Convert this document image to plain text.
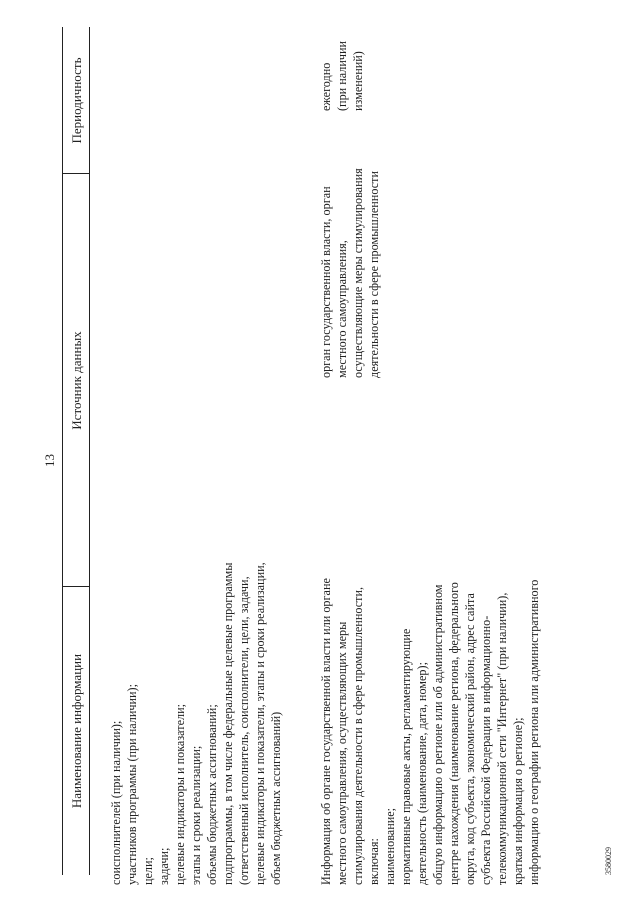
13
Наименование информации
Источник данных
Периодичность
соисполнителей (при наличии);
участников программы (при наличии);
цели;
задачи;
целевые индикаторы и показатели;
этапы и сроки реализации;
объемы бюджетных ассигнований;
подпрограммы, в том числе федеральные целевые программы
(ответственный исполнитель, соисполнители, цели, задачи,
целевые индикаторы и показатели, этапы и сроки реализации,
объем бюджетных ассигнований)
Информация об органе государственной власти или органе
местного самоуправления, осуществляющих меры
стимулирования деятельности в сфере промышленности,
включая:
наименование;
нормативные правовые акты, регламентирующие
деятельность (наименование, дата, номер);
общую информацию о регионе или об административном
центре нахождения (наименование региона, федерального
округа, код субъекта, экономический район, адрес сайта
субъекта Российской Федерации в информационно-
телекоммуникационной сети "Интернет" (при наличии),
краткая информация о регионе);
информацию о географии региона или административного
орган государственной власти, орган
местного самоуправления,
осуществляющие меры стимулирования
деятельности в сфере промышленности
ежегодно
(при наличии
изменений)
3580029
